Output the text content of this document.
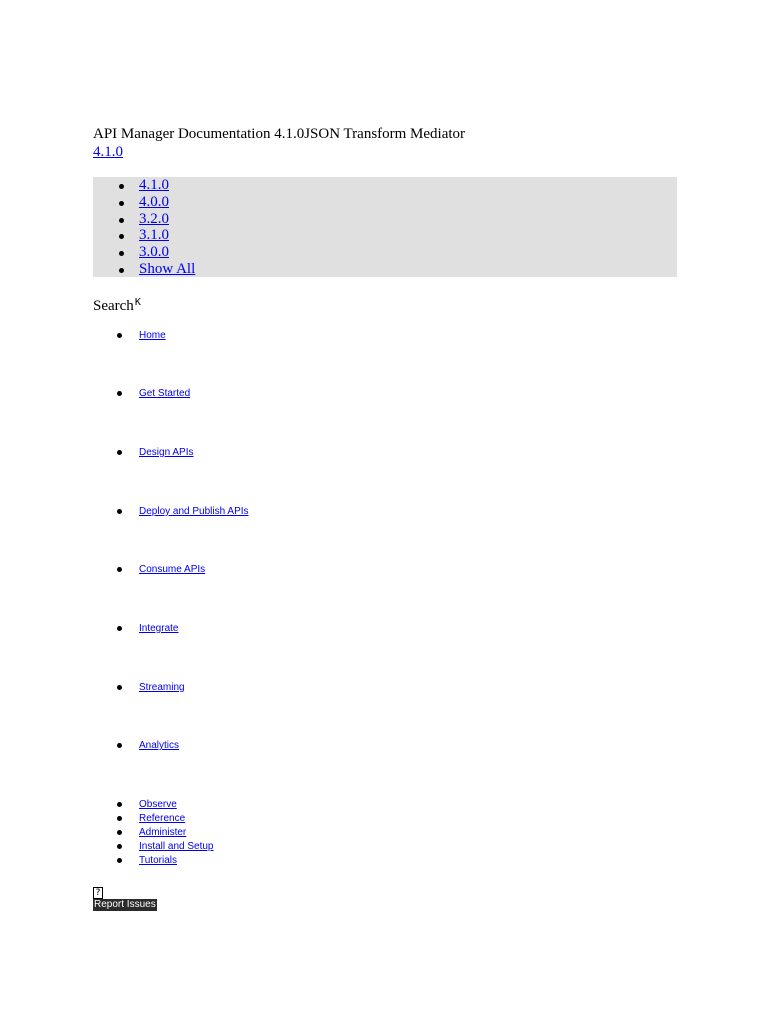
API Manager Documentation 4.1.0JSON Transform Mediator
4.1.0
4.1.0
4.0.0
3.2.0
3.1.0
3.0.0
Show All
Search$^K$
Home
Get Started
Design APIs
Deploy and Publish APIs
Consume APIs
Integrate
Streaming
Analytics
Observe
Reference
Administer
Install and Setup
Tutorials
?
Report Issues
